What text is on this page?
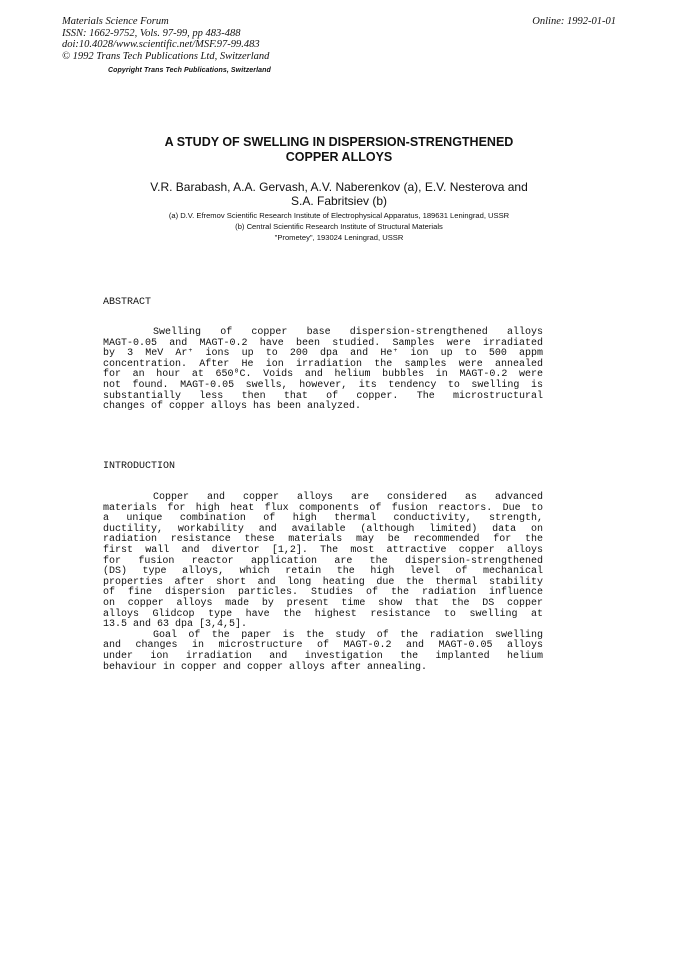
Materials Science Forum
ISSN: 1662-9752, Vols. 97-99, pp 483-488
doi:10.4028/www.scientific.net/MSF.97-99.483
© 1992 Trans Tech Publications Ltd, Switzerland
Online: 1992-01-01
Copyright Trans Tech Publications, Switzerland
A STUDY OF SWELLING IN DISPERSION-STRENGTHENED
COPPER ALLOYS
V.R. Barabash, A.A. Gervash, A.V. Naberenkov (a), E.V. Nesterova and
S.A. Fabritsiev (b)
(a) D.V. Efremov Scientific Research Institute of Electrophysical Apparatus, 189631 Leningrad, USSR
(b) Central Scientific Research Institute of Structural Materials
"Prometey", 193024 Leningrad, USSR
ABSTRACT
Swelling of copper base dispersion-strengthened alloys
MAGT-0.05 and MAGT-0.2 have been studied. Samples were irradiated
by 3 MeV Ar⁺ ions up to 200 dpa and He⁺ ion up to 500 appm
concentration. After He ion irradiation the samples were annealed
for an hour at 650⁰C. Voids and helium bubbles in MAGT-0.2 were
not found. MAGT-0.05 swells, however, its tendency to swelling is
substantially less then that of copper. The microstructural
changes of copper alloys has been analyzed.
INTRODUCTION
Copper and copper alloys are considered as advanced
materials for high heat flux components of fusion reactors. Due to
a unique combination of high thermal conductivity, strength,
ductility, workability and available (although limited) data on
radiation resistance these materials may be recommended for the
first wall and divertor [1,2]. The most attractive copper alloys
for fusion reactor application are the dispersion-strengthened
(DS) type alloys, which retain the high level of mechanical
properties after short and long heating due the thermal stability
of fine dispersion particles. Studies of the radiation influence
on copper alloys made by present time show that the DS copper
alloys Glidcop type have the highest resistance to swelling at
13.5 and 63 dpa [3,4,5].
Goal of the paper is the study of the radiation swelling
and changes in microstructure of MAGT-0.2 and MAGT-0.05 alloys
under ion irradiation and investigation the implanted helium
behaviour in copper and copper alloys after annealing.
